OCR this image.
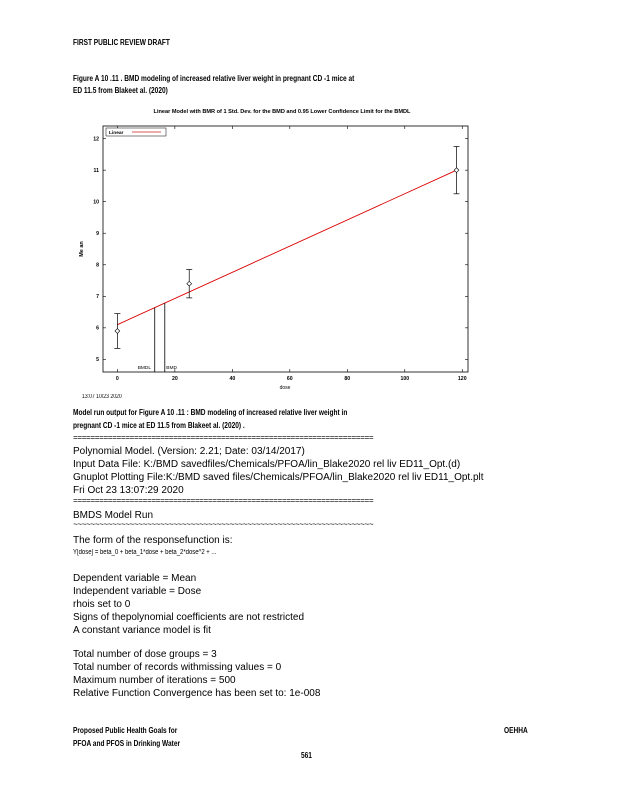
FIRST PUBLIC REVIEW DRAFT
Figure A 10 .11 . BMD modeling of increased relative liver weight in pregnant CD -1 mice at
ED 11.5 from Blakeet al. (2020)
Linear Model with BMR of 1 Std. Dev. for the BMD and 0.95 Lower Confidence Limit for the BMDL
5
6
7
8
9
10
11
12
0	20	40	60	80	100	120
Me an
dose
Linear
BMDL	BMD
13:07 10/23 2020
Model run output for Figure A 10 .11 : BMD modeling of increased relative liver weight in
pregnant CD -1 mice at ED 11.5 from Blakeet al. (2020) .
=====================================================================
Polynomial Model. (Version: 2.21; Date: 03/14/2017)
Input Data File: K:/BMD savedfiles/Chemicals/PFOA/lin_Blake2020 rel liv ED11_Opt.(d)
Gnuplot Plotting File:K:/BMD saved files/Chemicals/PFOA/lin_Blake2020 rel liv ED11_Opt.plt
Fri Oct 23 13:07:29 2020
=====================================================================
BMDS Model Run
~~~~~~~~~~~~~~~~~~~~~~~~~~~~~~~~~~~~~~~~~~~~~~~~~~~~~~~~~~~~~~~~~~~~~
The form of the responsefunction is:
Y[dose] = beta_0 + beta_1*dose + beta_2*dose^2 + ...
Dependent variable = Mean
Independent variable = Dose
rhois set to 0
Signs of thepolynomial coefficients are not restricted
A constant variance model is fit
Total number of dose groups = 3
Total number of records withmissing values = 0
Maximum number of iterations = 500
Relative Function Convergence has been set to: 1e-008
Proposed Public Health Goals for
PFOA and PFOS in Drinking Water
OEHHA
561
